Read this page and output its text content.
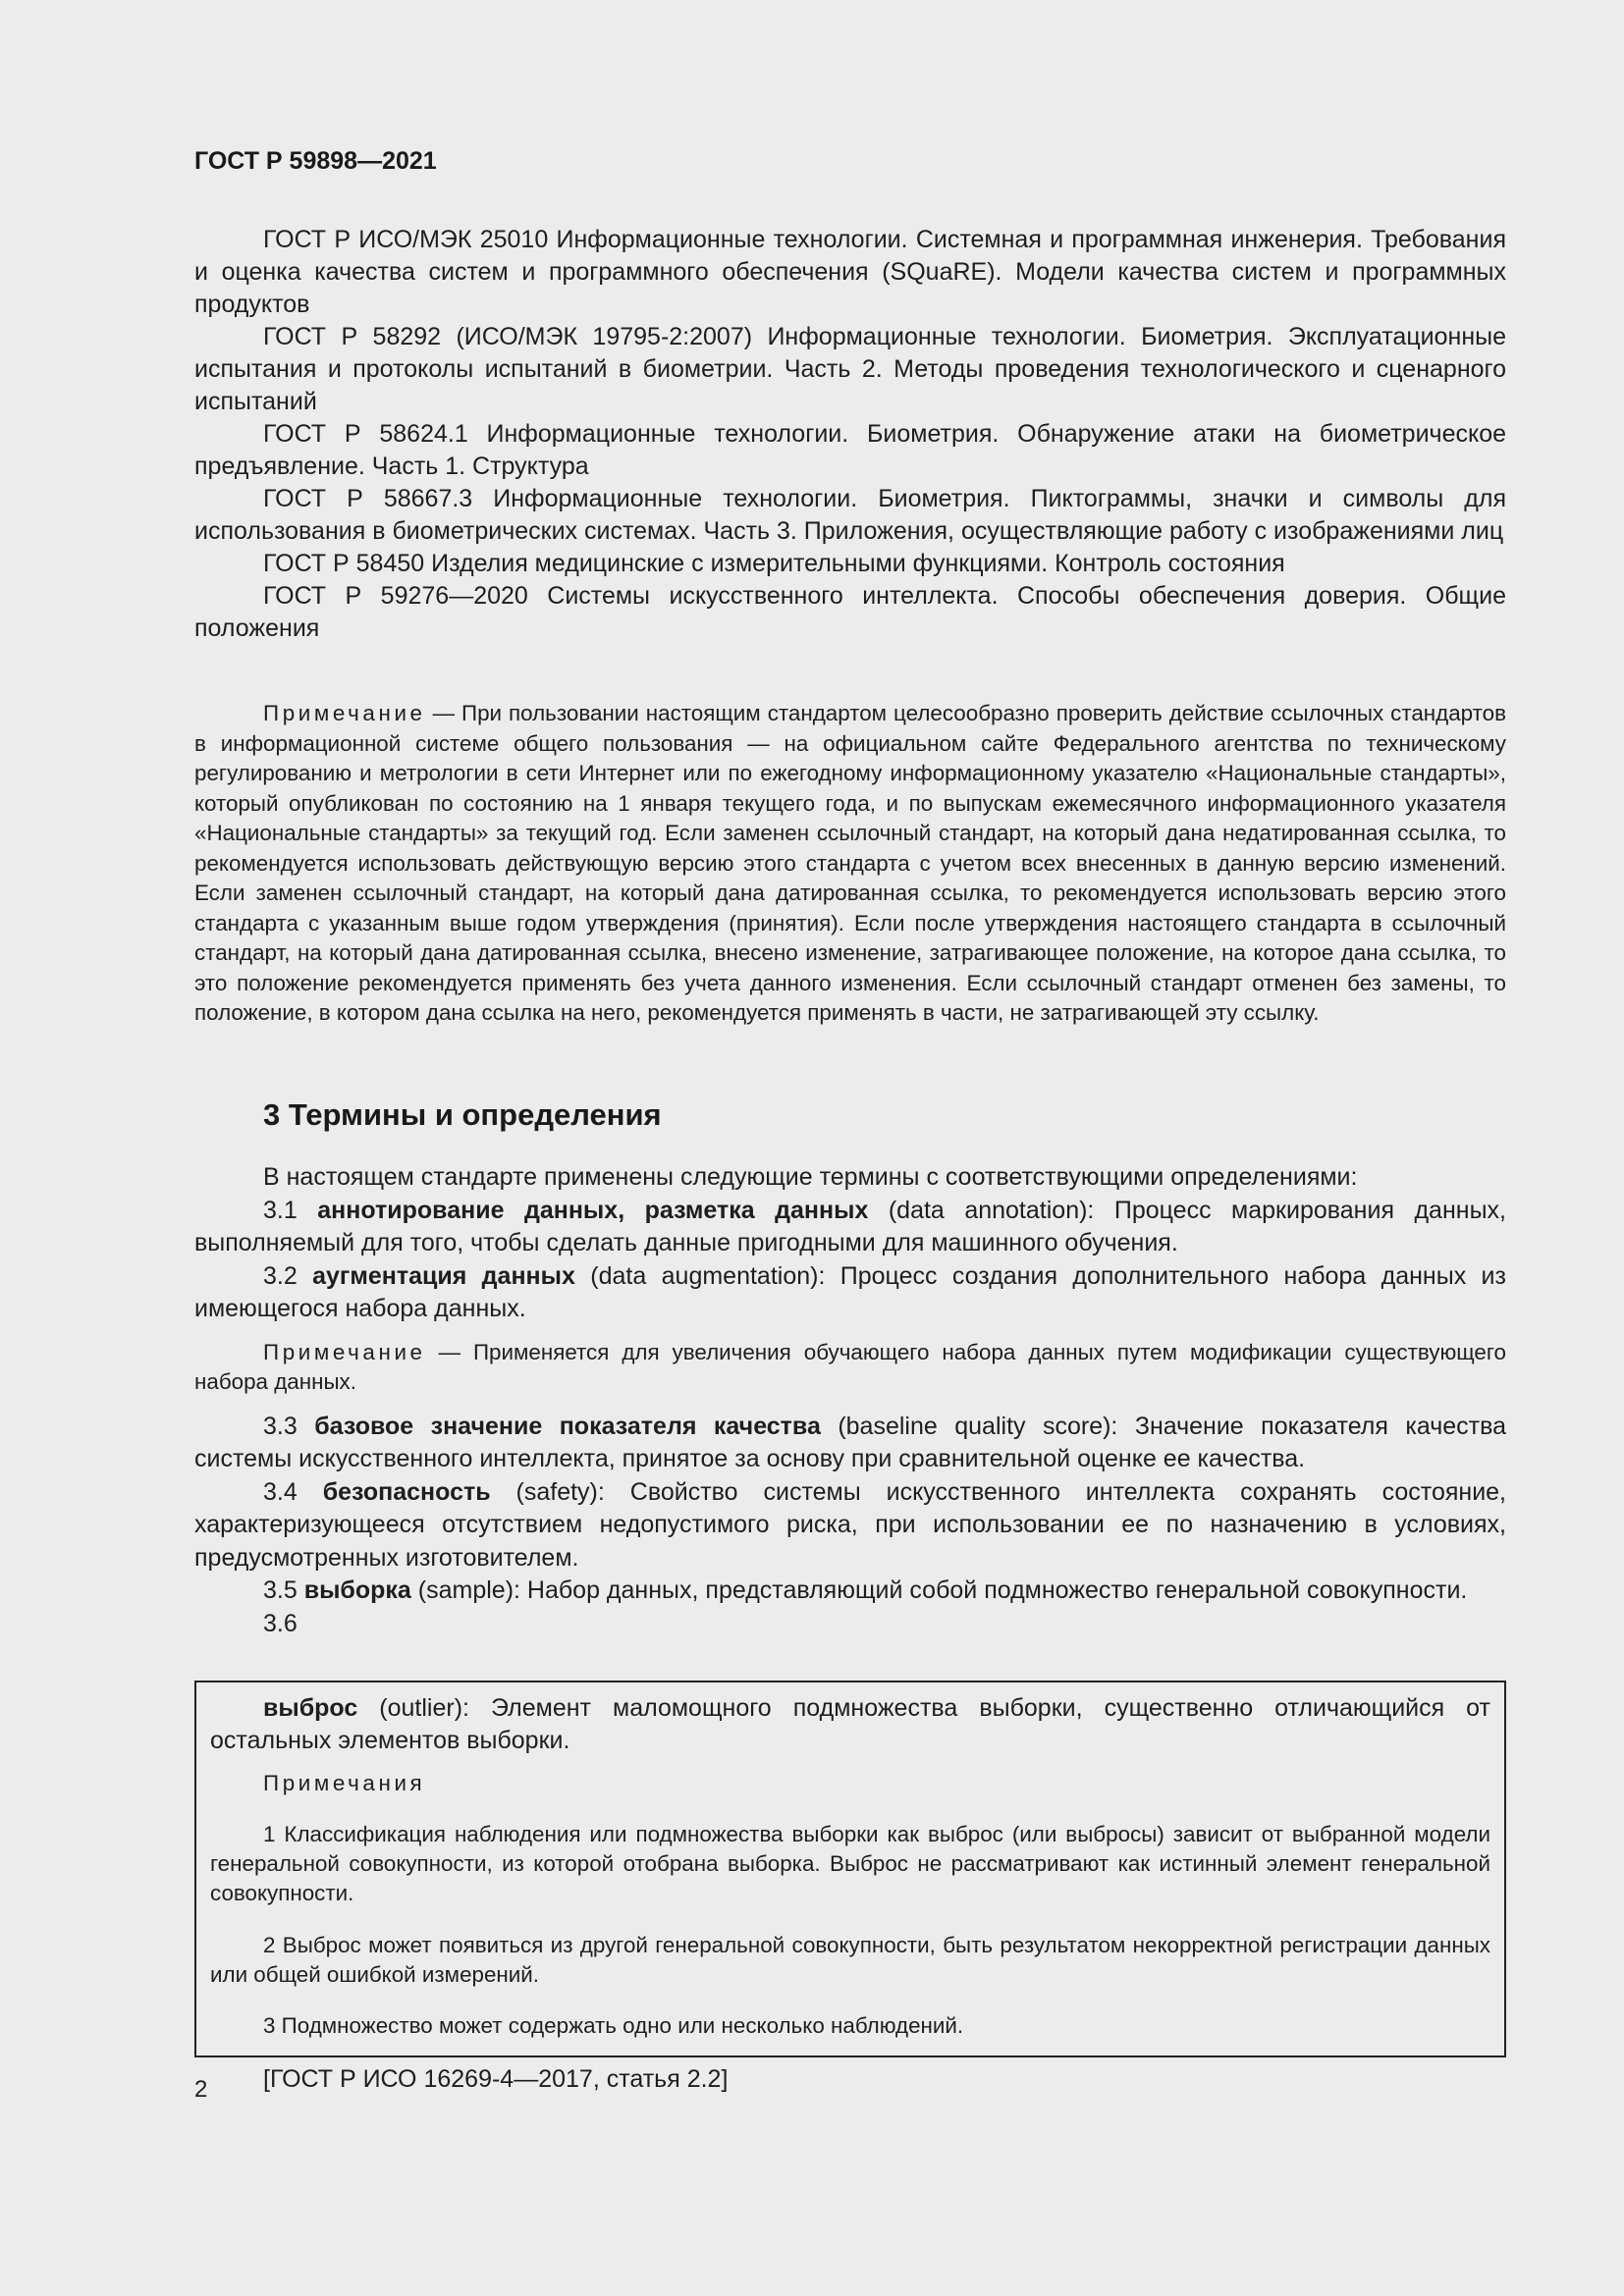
ГОСТ Р 59898—2021

ГОСТ Р ИСО/МЭК 25010 Информационные технологии. Системная и программная инженерия. Требования и оценка качества систем и программного обеспечения (SQuaRE). Модели качества систем и программных продуктов

ГОСТ Р 58292 (ИСО/МЭК 19795-2:2007) Информационные технологии. Биометрия. Эксплуатационные испытания и протоколы испытаний в биометрии. Часть 2. Методы проведения технологического и сценарного испытаний

ГОСТ Р 58624.1 Информационные технологии. Биометрия. Обнаружение атаки на биометрическое предъявление. Часть 1. Структура

ГОСТ Р 58667.3 Информационные технологии. Биометрия. Пиктограммы, значки и символы для использования в биометрических системах. Часть 3. Приложения, осуществляющие работу с изображениями лиц

ГОСТ Р 58450 Изделия медицинские с измерительными функциями. Контроль состояния

ГОСТ Р 59276—2020 Системы искусственного интеллекта. Способы обеспечения доверия. Общие положения

Примечание — При пользовании настоящим стандартом целесообразно проверить действие ссылочных стандартов в информационной системе общего пользования — на официальном сайте Федерального агентства по техническому регулированию и метрологии в сети Интернет или по ежегодному информационному указателю «Национальные стандарты», который опубликован по состоянию на 1 января текущего года, и по выпускам ежемесячного информационного указателя «Национальные стандарты» за текущий год. Если заменен ссылочный стандарт, на который дана недатированная ссылка, то рекомендуется использовать действующую версию этого стандарта с учетом всех внесенных в данную версию изменений. Если заменен ссылочный стандарт, на который дана датированная ссылка, то рекомендуется использовать версию этого стандарта с указанным выше годом утверждения (принятия). Если после утверждения настоящего стандарта в ссылочный стандарт, на который дана датированная ссылка, внесено изменение, затрагивающее положение, на которое дана ссылка, то это положение рекомендуется применять без учета данного изменения. Если ссылочный стандарт отменен без замены, то положение, в котором дана ссылка на него, рекомендуется применять в части, не затрагивающей эту ссылку.

3 Термины и определения

В настоящем стандарте применены следующие термины с соответствующими определениями:

3.1 аннотирование данных, разметка данных (data annotation): Процесс маркирования данных, выполняемый для того, чтобы сделать данные пригодными для машинного обучения.

3.2 аугментация данных (data augmentation): Процесс создания дополнительного набора данных из имеющегося набора данных.

Примечание — Применяется для увеличения обучающего набора данных путем модификации существующего набора данных.

3.3 базовое значение показателя качества (baseline quality score): Значение показателя качества системы искусственного интеллекта, принятое за основу при сравнительной оценке ее качества.

3.4 безопасность (safety): Свойство системы искусственного интеллекта сохранять состояние, характеризующееся отсутствием недопустимого риска, при использовании ее по назначению в условиях, предусмотренных изготовителем.

3.5 выборка (sample): Набор данных, представляющий собой подмножество генеральной совокупности.

3.6

выброс (outlier): Элемент маломощного подмножества выборки, существенно отличающийся от остальных элементов выборки.

Примечания

1 Классификация наблюдения или подмножества выборки как выброс (или выбросы) зависит от выбранной модели генеральной совокупности, из которой отобрана выборка. Выброс не рассматривают как истинный элемент генеральной совокупности.

2 Выброс может появиться из другой генеральной совокупности, быть результатом некорректной регистрации данных или общей ошибкой измерений.

3 Подмножество может содержать одно или несколько наблюдений.

[ГОСТ Р ИСО 16269-4—2017, статья 2.2]

2
